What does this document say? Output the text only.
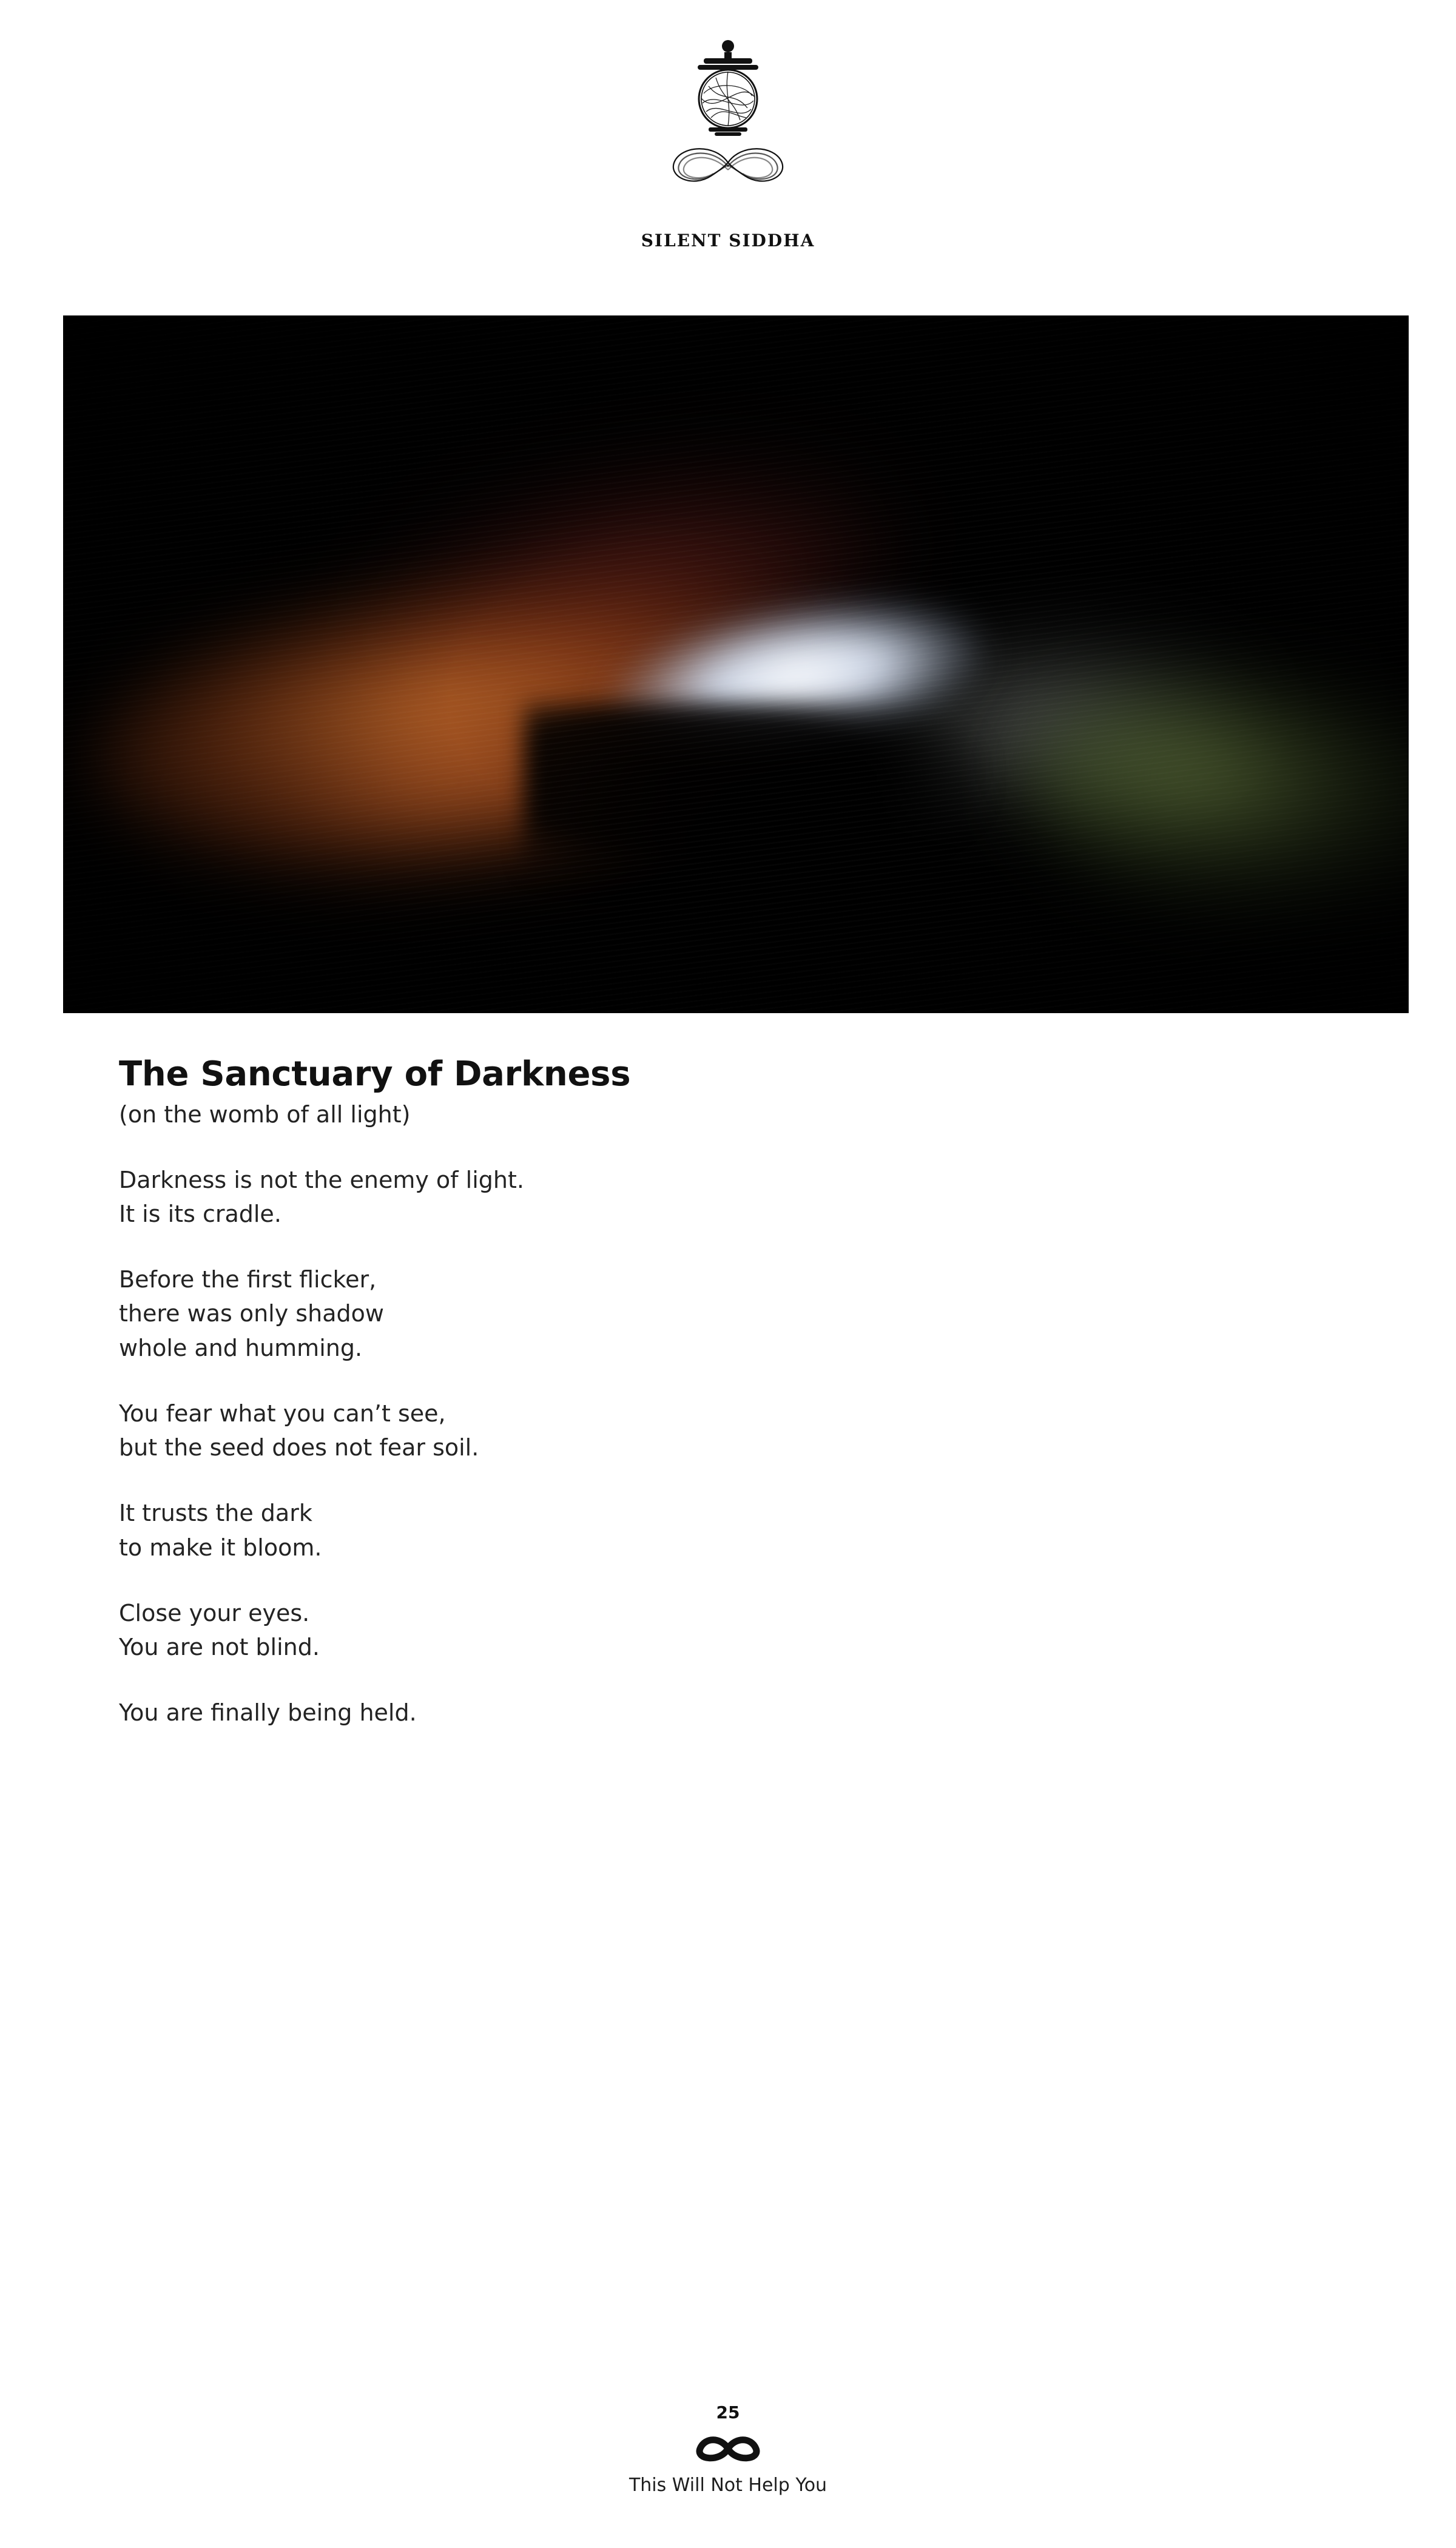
SILENT SIDDHA
The Sanctuary of Darkness
(on the womb of all light)
Darkness is not the enemy of light.
It is its cradle.
Before the first flicker,
there was only shadow
whole and humming.
You fear what you can’t see,
but the seed does not fear soil.
It trusts the dark
to make it bloom.
Close your eyes.
You are not blind.
You are finally being held.
25
This Will Not Help You
